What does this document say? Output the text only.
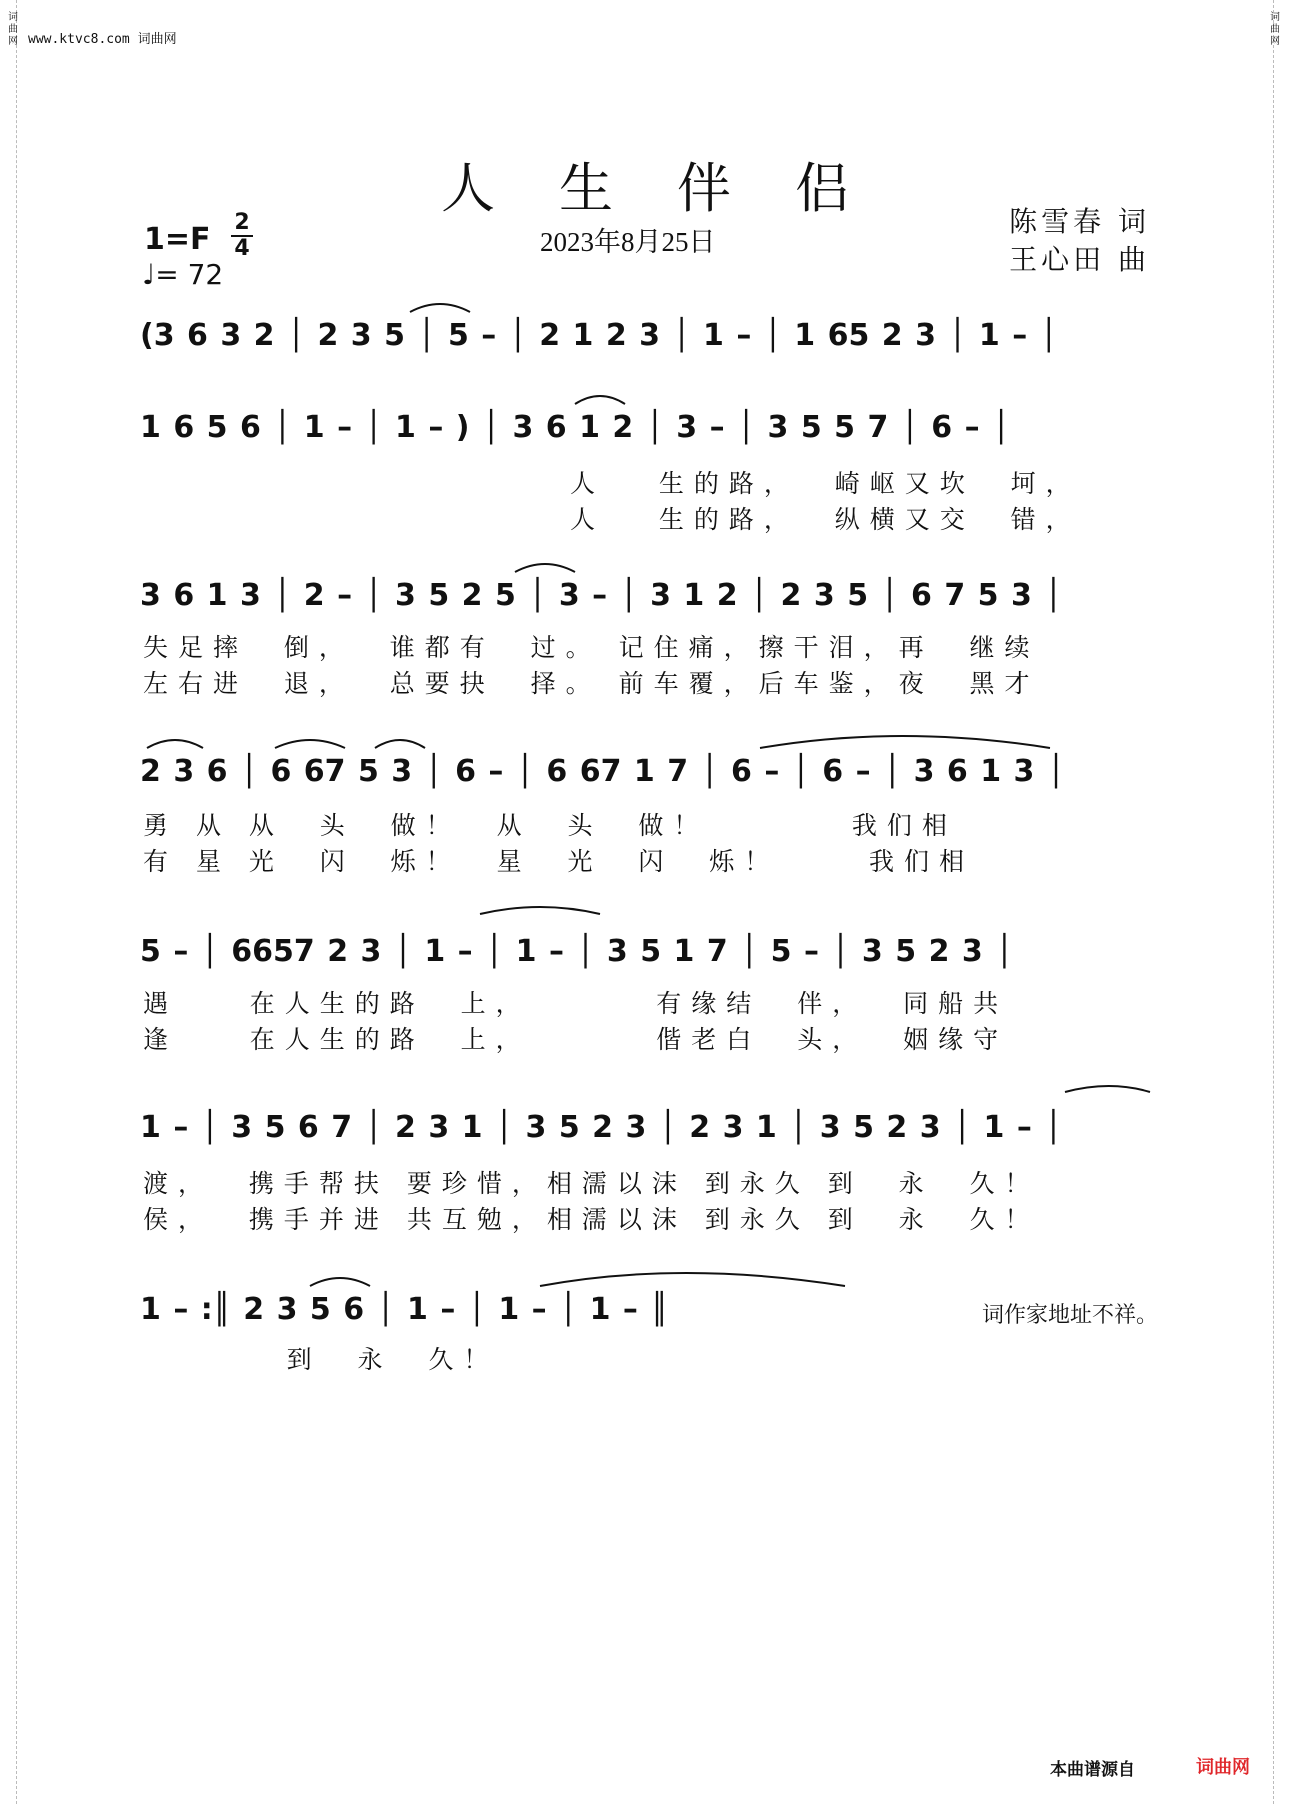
www.ktvc8.com 词曲网
人生伴侣
2023年8月25日
陈雪春 词
王心田 曲
1=F 2
4
♩= 72
(3 6 3 2 │ 2 3 5 │ 5 – │ 2 1 2 3 │ 1 – │ 1 65 2 3 │ 1 – │
1 6 5 6 │ 1 – │ 1 – ) │ 3 6 1 2 │ 3 – │ 3 5 5 7 │ 6 – │
人   生的路，  崎岖又坎  坷，
人   生的路，  纵横又交  错，
3 6 1 3 │ 2 – │ 3 5 2 5 │ 3 – │ 3 1 2 │ 2 3 5 │ 6 7 5 3 │
失足摔  倒，  谁都有  过。 记住痛，擦干泪，再  继续
左右进  退，  总要抉  择。 前车覆，后车鉴，夜  黑才
2 3 6 │ 6 67 5 3 │ 6 – │ 6 67 1 7 │ 6 – │ 6 – │ 3 6 1 3 │
勇 从 从  头  做！  从  头  做！        我们相
有 星 光  闪  烁！  星  光  闪  烁！     我们相
5 – │ 6657 2 3 │ 1 – │ 1 – │ 3 5 1 7 │ 5 – │ 3 5 2 3 │
遇    在人生的路  上，       有缘结  伴，  同船共
逢    在人生的路  上，       偕老白  头，  姻缘守
1 – │ 3 5 6 7 │ 2 3 1 │ 3 5 2 3 │ 2 3 1 │ 3 5 2 3 │ 1 – │
渡，  携手帮扶 要珍惜，相濡以沫 到永久 到  永  久！
侯，  携手并进 共互勉，相濡以沫 到永久 到  永  久！
1 – :║ 2 3 5 6 │ 1 – │ 1 – │ 1 – ║
到  永  久！
词作家地址不祥。
词
曲
网
词
曲
网
本曲谱源自	词曲网
